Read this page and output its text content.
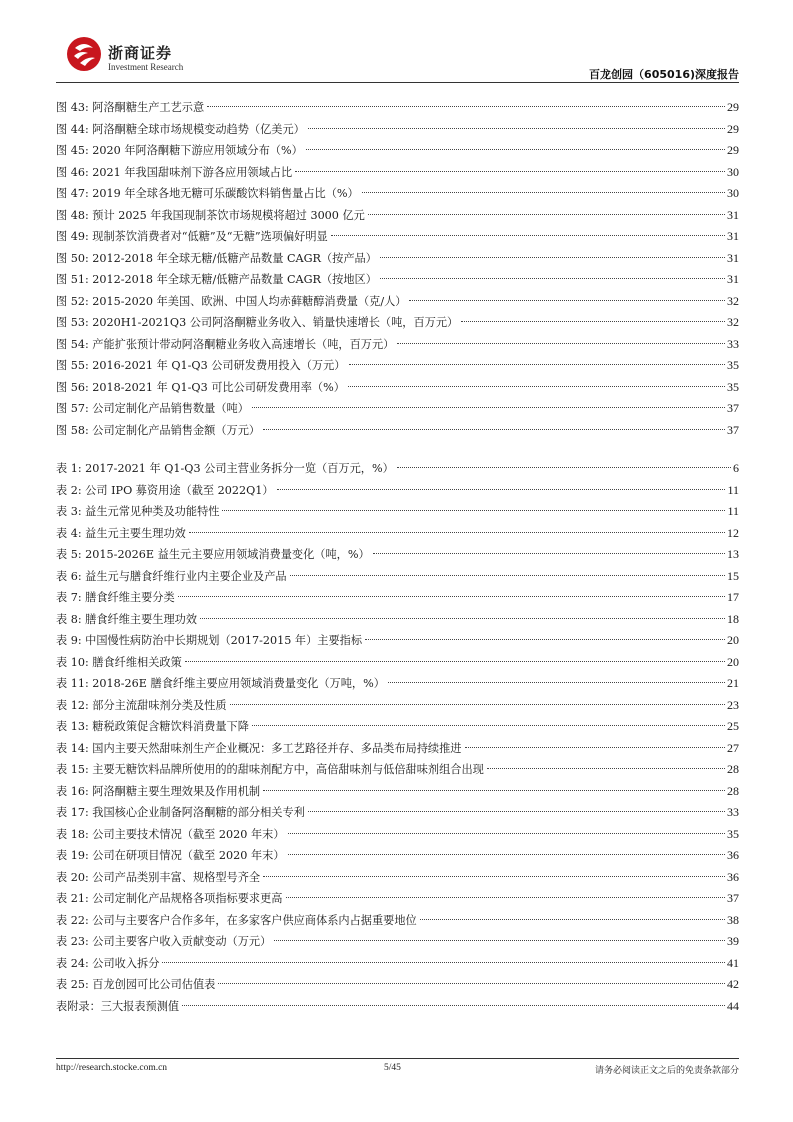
浙商证券
Investment Research
百龙创园（605016)深度报告
图 43: 阿洛酮糖生产工艺示意	29
图 44: 阿洛酮糖全球市场规模变动趋势（亿美元）	29
图 45: 2020 年阿洛酮糖下游应用领域分布（%）	29
图 46: 2021 年我国甜味剂下游各应用领域占比	30
图 47: 2019 年全球各地无糖可乐碳酸饮料销售量占比（%）	30
图 48: 预计 2025 年我国现制茶饮市场规模将超过 3000 亿元	31
图 49: 现制茶饮消费者对“低糖”及“无糖”选项偏好明显	31
图 50: 2012-2018 年全球无糖/低糖产品数量 CAGR（按产品）	31
图 51: 2012-2018 年全球无糖/低糖产品数量 CAGR（按地区）	31
图 52: 2015-2020 年美国、欧洲、中国人均赤藓糖醇消费量（克/人）	32
图 53: 2020H1-2021Q3 公司阿洛酮糖业务收入、销量快速增长（吨，百万元）	32
图 54: 产能扩张预计带动阿洛酮糖业务收入高速增长（吨，百万元）	33
图 55: 2016-2021 年 Q1-Q3 公司研发费用投入（万元）	35
图 56: 2018-2021 年 Q1-Q3 可比公司研发费用率（%）	35
图 57: 公司定制化产品销售数量（吨）	37
图 58: 公司定制化产品销售金额（万元）	37
表 1: 2017-2021 年 Q1-Q3 公司主营业务拆分一览（百万元，%）	6
表 2: 公司 IPO 募资用途（截至 2022Q1）	11
表 3: 益生元常见种类及功能特性	11
表 4: 益生元主要生理功效	12
表 5: 2015-2026E 益生元主要应用领域消费量变化（吨，%）	13
表 6: 益生元与膳食纤维行业内主要企业及产品	15
表 7: 膳食纤维主要分类	17
表 8: 膳食纤维主要生理功效	18
表 9: 中国慢性病防治中长期规划（2017-2015 年）主要指标	20
表 10: 膳食纤维相关政策	20
表 11: 2018-26E 膳食纤维主要应用领域消费量变化（万吨，%）	21
表 12: 部分主流甜味剂分类及性质	23
表 13: 糖税政策促含糖饮料消费量下降	25
表 14: 国内主要天然甜味剂生产企业概况：多工艺路径并存、多品类布局持续推进	27
表 15: 主要无糖饮料品牌所使用的的甜味剂配方中，高倍甜味剂与低倍甜味剂组合出现	28
表 16: 阿洛酮糖主要生理效果及作用机制	28
表 17: 我国核心企业制备阿洛酮糖的部分相关专利	33
表 18: 公司主要技术情况（截至 2020 年末）	35
表 19: 公司在研项目情况（截至 2020 年末）	36
表 20: 公司产品类别丰富、规格型号齐全	36
表 21: 公司定制化产品规格各项指标要求更高	37
表 22: 公司与主要客户合作多年，在多家客户供应商体系内占据重要地位	38
表 23: 公司主要客户收入贡献变动（万元）	39
表 24: 公司收入拆分	41
表 25: 百龙创园可比公司估值表	42
表附录：三大报表预测值	44
http://research.stocke.com.cn	5/45	请务必阅读正文之后的免责条款部分
